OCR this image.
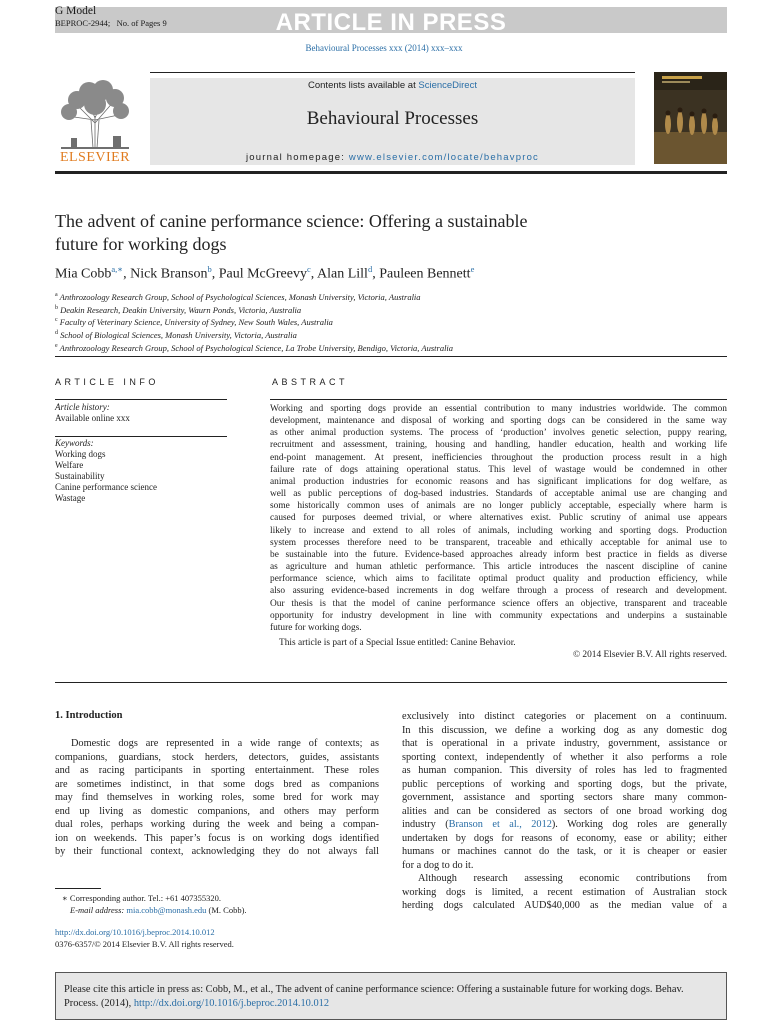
ARTICLE IN PRESS
G Model
BEPROC-2944; No. of Pages 9
Behavioural Processes xxx (2014) xxx–xxx
ELSEVIER
Contents lists available at ScienceDirect
Behavioural Processes
journal homepage: www.elsevier.com/locate/behavproc
The advent of canine performance science: Offering a sustainable
future for working dogs
Mia Cobb$^{a,∗}$, Nick Branson$^b$, Paul McGreevy$^c$, Alan Lill$^d$, Pauleen Bennett$^e$
$^a$ Anthrozoology Research Group, School of Psychological Sciences, Monash University, Victoria, Australia
$^b$ Deakin Research, Deakin University, Waurn Ponds, Victoria, Australia
$^c$ Faculty of Veterinary Science, University of Sydney, New South Wales, Australia
$^d$ School of Biological Sciences, Monash University, Victoria, Australia
$^e$ Anthrozoology Research Group, School of Psychological Science, La Trobe University, Bendigo, Victoria, Australia
ARTICLE INFO
Article history:
Available online xxx
Keywords:
Working dogs
Welfare
Sustainability
Canine performance science
Wastage
ABSTRACT
Working and sporting dogs provide an essential contribution to many industries worldwide. The common
development, maintenance and disposal of working and sporting dogs can be considered in the same way
as other animal production systems. The process of ‘production’ involves genetic selection, puppy rearing,
recruitment and assessment, training, housing and handling, handler education, health and working life
end-point management. At present, inefficiencies throughout the production process result in a high
failure rate of dogs attaining operational status. This level of wastage would be condemned in other
animal production industries for economic reasons and has significant implications for dog welfare, as
well as public perceptions of dog-based industries. Standards of acceptable animal use are changing and
some historically common uses of animals are no longer publicly acceptable, especially where harm is
caused for purposes deemed trivial, or where alternatives exist. Public scrutiny of animal use appears
likely to increase and extend to all roles of animals, including working and sporting dogs. Production
system processes therefore need to be transparent, traceable and ethically acceptable for animal use to
be sustainable into the future. Evidence-based approaches already inform best practice in fields as diverse
as agriculture and human athletic performance. This article introduces the nascent discipline of canine
performance science, which aims to facilitate optimal product quality and production efficiency, while
also assuring evidence-based increments in dog welfare through a process of research and development.
Our thesis is that the model of canine performance science offers an objective, transparent and traceable
opportunity for industry development in line with community expectations and underpins a sustainable
future for working dogs.
This article is part of a Special Issue entitled: Canine Behavior.
© 2014 Elsevier B.V. All rights reserved.
1. Introduction
Domestic dogs are represented in a wide range of contexts; as
companions, guardians, stock herders, detectors, guides, assistants
and as racing participants in sporting entertainment. These roles
are sometimes indistinct, in that some dogs bred as companions
may find themselves in working roles, some bred for work may
end up living as domestic companions, and others may perform
dual roles, perhaps working during the week and being a compan-
ion on weekends. This paper’s focus is on working dogs identified
by their functional context, acknowledging they do not always fall
exclusively into distinct categories or placement on a continuum.
In this discussion, we define a working dog as any domestic dog
that is operational in a private industry, government, assistance or
sporting context, independently of whether it also performs a role
as human companion. This diversity of roles has led to fragmented
public perceptions of working and sporting dogs, but the private,
government, assistance and sporting sectors share many common-
alities and can be considered as sectors of one broad working dog
industry (Branson et al., 2012). Working dog roles are generally
undertaken by dogs for reasons of economy, ease or ability; either
humans or machines cannot do the task, or it is cheaper or easier
for a dog to do it.
Although research assessing economic contributions from
working dogs is limited, a recent estimation of Australian stock
herding dogs calculated AUD$40,000 as the median value of a
∗ Corresponding author. Tel.: +61 407355320.
E-mail address: mia.cobb@monash.edu (M. Cobb).
http://dx.doi.org/10.1016/j.beproc.2014.10.012
0376-6357/© 2014 Elsevier B.V. All rights reserved.
Please cite this article in press as: Cobb, M., et al., The advent of canine performance science: Offering a sustainable future for working dogs. Behav. Process. (2014), http://dx.doi.org/10.1016/j.beproc.2014.10.012
